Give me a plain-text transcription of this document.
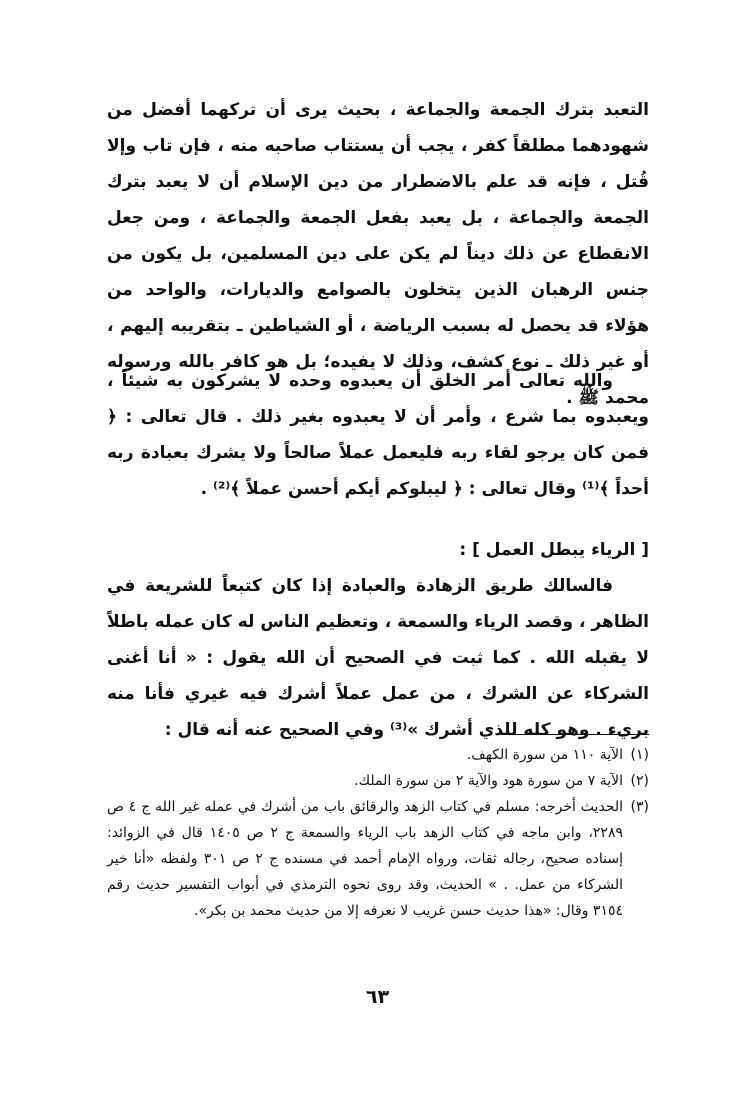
التعبد بترك الجمعة والجماعة ، بحيث يرى أن تركهما أفضل من شهودهما مطلقاً كفر ، يجب أن يستتاب صاحبه منه ، فإن تاب وإلا قُتل ، فإنه قد علم بالاضطرار من دين الإسلام أن لا يعبد بترك الجمعة والجماعة ، بل يعبد بفعل الجمعة والجماعة ، ومن جعل الانقطاع عن ذلك ديناً لم يكن على دين المسلمين، بل يكون من جنس الرهبان الذين يتخلون بالصوامع والديارات، والواحد من هؤلاء قد يحصل له بسبب الرياضة ، أو الشياطين ـ بتقريبه إليهم ، أو غير ذلك ـ نوع كشف، وذلك لا يفيده؛ بل هو كافر بالله ورسوله محمد ﷺ .

والله تعالى أمر الخلق أن يعبدوه وحده لا يشركون به شيئاً ، ويعبدوه بما شرع ، وأمر أن لا يعبدوه بغير ذلك . قال تعالى : ﴿ فمن كان يرجو لقاء ربه فليعمل عملاً صالحاً ولا يشرك بعبادة ربه أحداً ﴾⁽¹⁾ وقال تعالى : ﴿ ليبلوكم أيكم أحسن عملاً ﴾⁽²⁾ .

[ الرياء يبطل العمل ] :

فالسالك طريق الزهادة والعبادة إذا كان كتبعاً للشريعة في الظاهر ، وقصد الرياء والسمعة ، وتعظيم الناس له كان عمله باطلاً لا يقبله الله . كما ثبت في الصحيح أن الله يقول : « أنا أغنى الشركاء عن الشرك ، من عمل عملاً أشرك فيه غيري فأنا منه بريء . وهو كله للذي أشرك »⁽³⁾ وفي الصحيح عنه أنه قال :

(١)
الآية ١١٠ من سورة الكهف.
(٢)
الآية ٧ من سورة هود والآية ٢ من سورة الملك.
(٣)
الحديث أخرجه: مسلم في كتاب الزهد والرقائق باب من أشرك في عمله غير الله ج ٤ ص ٢٢٨٩، وابن ماجه في كتاب الزهد باب الرياء والسمعة ج ٢ ص ١٤٠٥ قال في الزوائد: إسناده صحيح، رجاله ثقات، ورواه الإمام أحمد في مسنده ج ٢ ص ٣٠١ ولفظه «أنا خير الشركاء من عمل. . » الحديث، وقد روى نحوه الترمذي في أبواب التفسير حديث رقم ٣١٥٤ وقال: «هذا حديث حسن غريب لا نعرفه إلا من حديث محمد بن بكر».
٦٣
